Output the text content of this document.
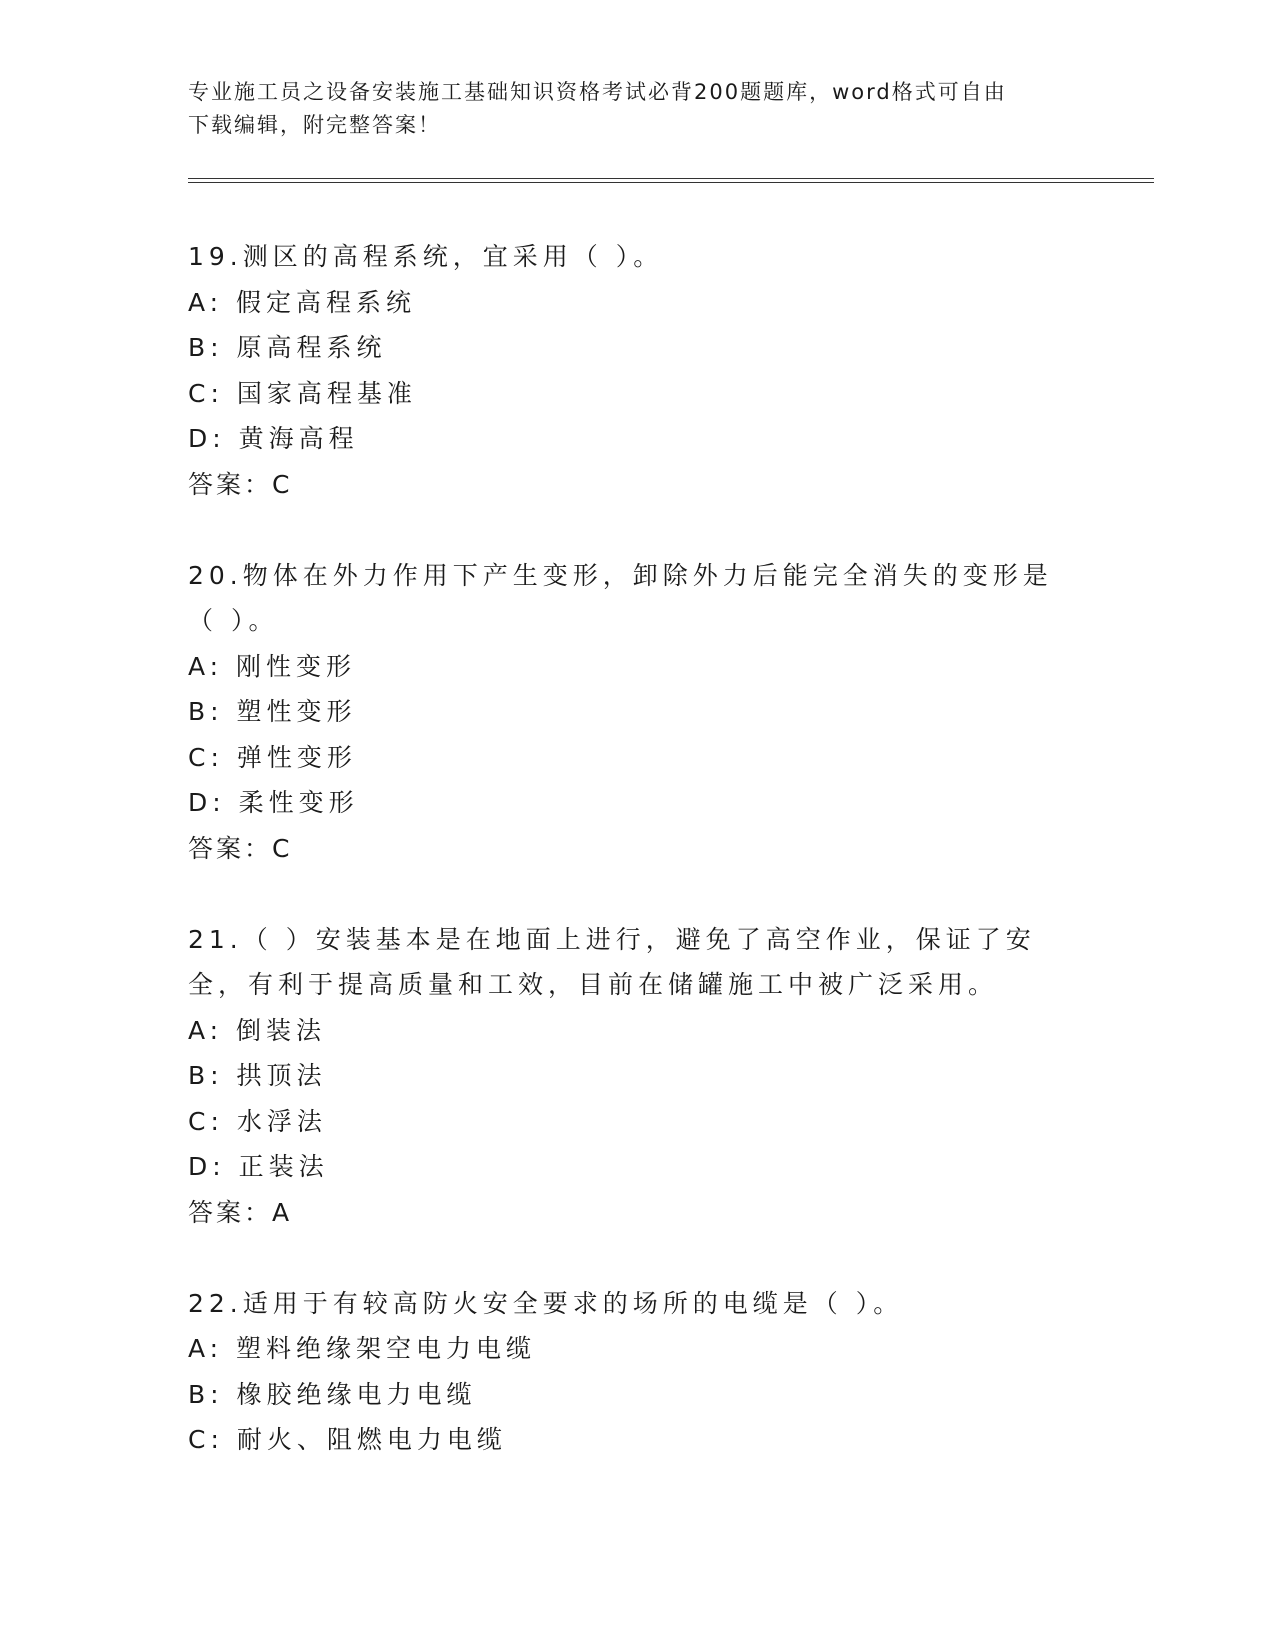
专业施工员之设备安装施工基础知识资格考试必背200题题库，word格式可自由

下载编辑，附完整答案！

19.测区的高程系统，宜采用（ ）。

A: 假定高程系统

B: 原高程系统

C: 国家高程基准

D: 黄海高程

答案：C

20.物体在外力作用下产生变形，卸除外力后能完全消失的变形是（ ）。

A: 刚性变形

B: 塑性变形

C: 弹性变形

D: 柔性变形

答案：C

21.（ ）安装基本是在地面上进行，避免了高空作业，保证了安全，有利于提高质量和工效，目前在储罐施工中被广泛采用。

A: 倒装法

B: 拱顶法

C: 水浮法

D: 正装法

答案：A

22.适用于有较高防火安全要求的场所的电缆是（ ）。

A: 塑料绝缘架空电力电缆

B: 橡胶绝缘电力电缆

C: 耐火、阻燃电力电缆
